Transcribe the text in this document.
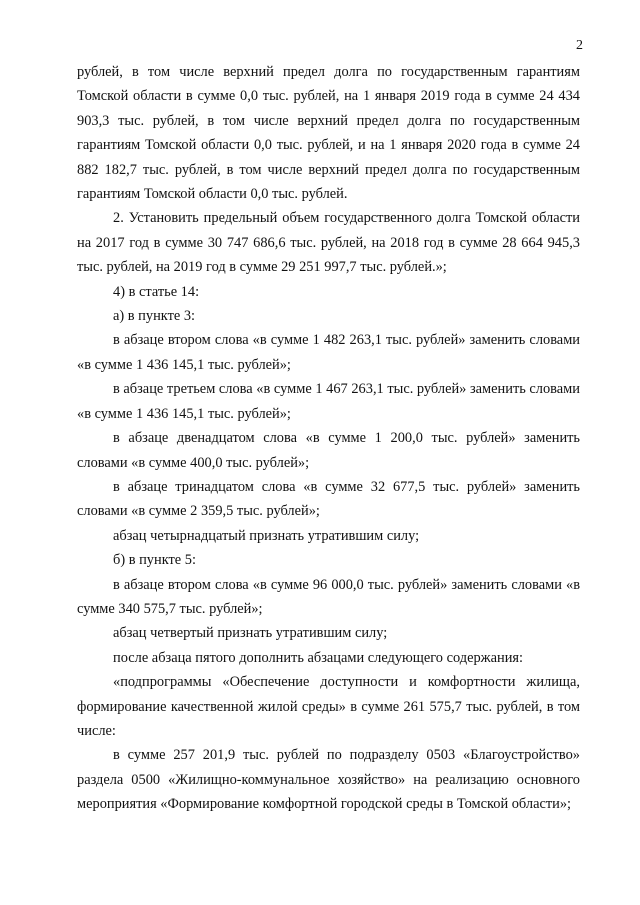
2

рублей, в том числе верхний предел долга по государственным гарантиям Томской области в сумме 0,0 тыс. рублей, на 1 января 2019 года в сумме 24 434 903,3 тыс. рублей, в том числе верхний предел долга по государственным гарантиям Томской области 0,0 тыс. рублей, и на 1 января 2020 года в сумме 24 882 182,7 тыс. рублей, в том числе верхний предел долга по государственным гарантиям Томской области 0,0 тыс. рублей.

2. Установить предельный объем государственного долга Томской области на 2017 год в сумме 30 747 686,6 тыс. рублей, на 2018 год в сумме 28 664 945,3 тыс. рублей, на 2019 год в сумме 29 251 997,7 тыс. рублей.»;

4) в статье 14:

а) в пункте 3:

в абзаце втором слова «в сумме 1 482 263,1 тыс. рублей» заменить словами «в сумме 1 436 145,1 тыс. рублей»;

в абзаце третьем слова «в сумме 1 467 263,1 тыс. рублей» заменить словами «в сумме 1 436 145,1 тыс. рублей»;

в абзаце двенадцатом слова «в сумме 1 200,0 тыс. рублей» заменить словами «в сумме 400,0 тыс. рублей»;

в абзаце тринадцатом слова «в сумме 32 677,5 тыс. рублей» заменить словами «в сумме 2 359,5 тыс. рублей»;

абзац четырнадцатый признать утратившим силу;

б) в пункте 5:

в абзаце втором слова «в сумме 96 000,0 тыс. рублей» заменить словами «в сумме 340 575,7 тыс. рублей»;

абзац четвертый признать утратившим силу;

после абзаца пятого дополнить абзацами следующего содержания:

«подпрограммы «Обеспечение доступности и комфортности жилища, формирование качественной жилой среды» в сумме 261 575,7 тыс. рублей, в том числе:

в сумме 257 201,9 тыс. рублей по подразделу 0503 «Благоустройство» раздела 0500 «Жилищно-коммунальное хозяйство» на реализацию основного мероприятия «Формирование комфортной городской среды в Томской области»;
